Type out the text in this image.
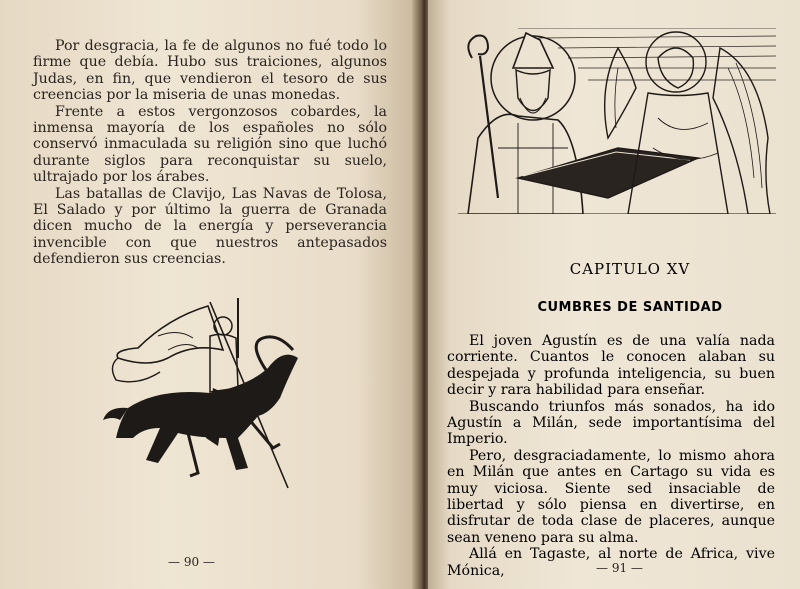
Por desgracia, la fe de algunos no fué todo lo firme que debía. Hubo sus traiciones, algunos Judas, en fin, que vendieron el tesoro de sus creencias por la miseria de unas monedas.

Frente a estos vergonzosos cobardes, la inmensa mayoría de los españoles no sólo conservó inmaculada su religión sino que luchó durante siglos para reconquistar su suelo, ultrajado por los árabes.

Las batallas de Clavijo, Las Navas de Tolosa, El Salado y por último la guerra de Granada dicen mucho de la energía y perseverancia invencible con que nuestros antepasados defendieron sus creencias.

— 90 —
CAPITULO XV
CUMBRES DE SANTIDAD

El joven Agustín es de una valía nada corriente. Cuantos le conocen alaban su despejada y profunda inteligencia, su buen decir y rara habilidad para enseñar.

Buscando triunfos más sonados, ha ido Agustín a Milán, sede importantísima del Imperio.

Pero, desgraciadamente, lo mismo ahora en Milán que antes en Cartago su vida es muy viciosa. Siente sed insaciable de libertad y sólo piensa en divertirse, en disfrutar de toda clase de placeres, aunque sean veneno para su alma.

Allá en Tagaste, al norte de Africa, vive Mónica,	— 91 —
